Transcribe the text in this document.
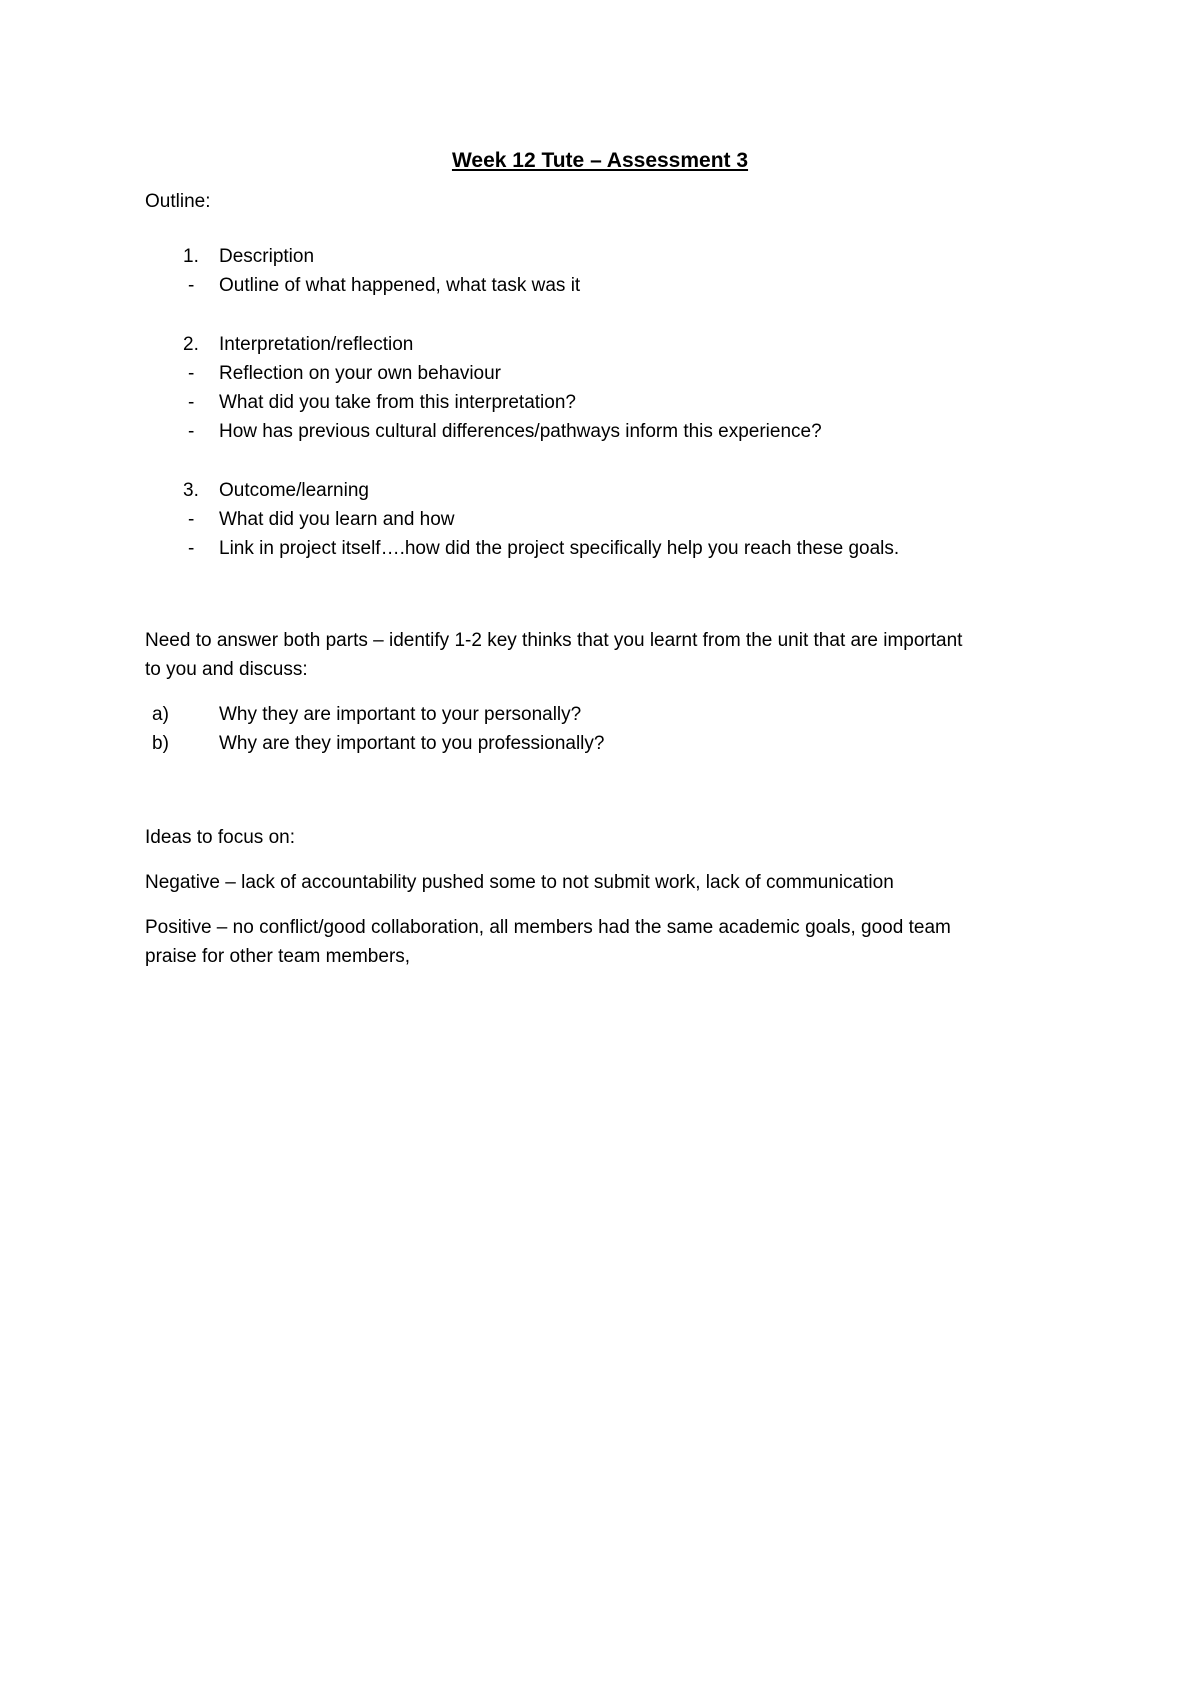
Week 12 Tute – Assessment 3
Outline:
1. Description
- Outline of what happened, what task was it
2. Interpretation/reflection
- Reflection on your own behaviour
- What did you take from this interpretation?
- How has previous cultural differences/pathways inform this experience?
3. Outcome/learning
- What did you learn and how
- Link in project itself….how did the project specifically help you reach these goals.
Need to answer both parts – identify 1-2 key thinks that you learnt from the unit that are important
to you and discuss:
a)	Why they are important to your personally?
b)	Why are they important to you professionally?
Ideas to focus on:
Negative – lack of accountability pushed some to not submit work, lack of communication
Positive – no conflict/good collaboration, all members had the same academic goals, good team
praise for other team members,
